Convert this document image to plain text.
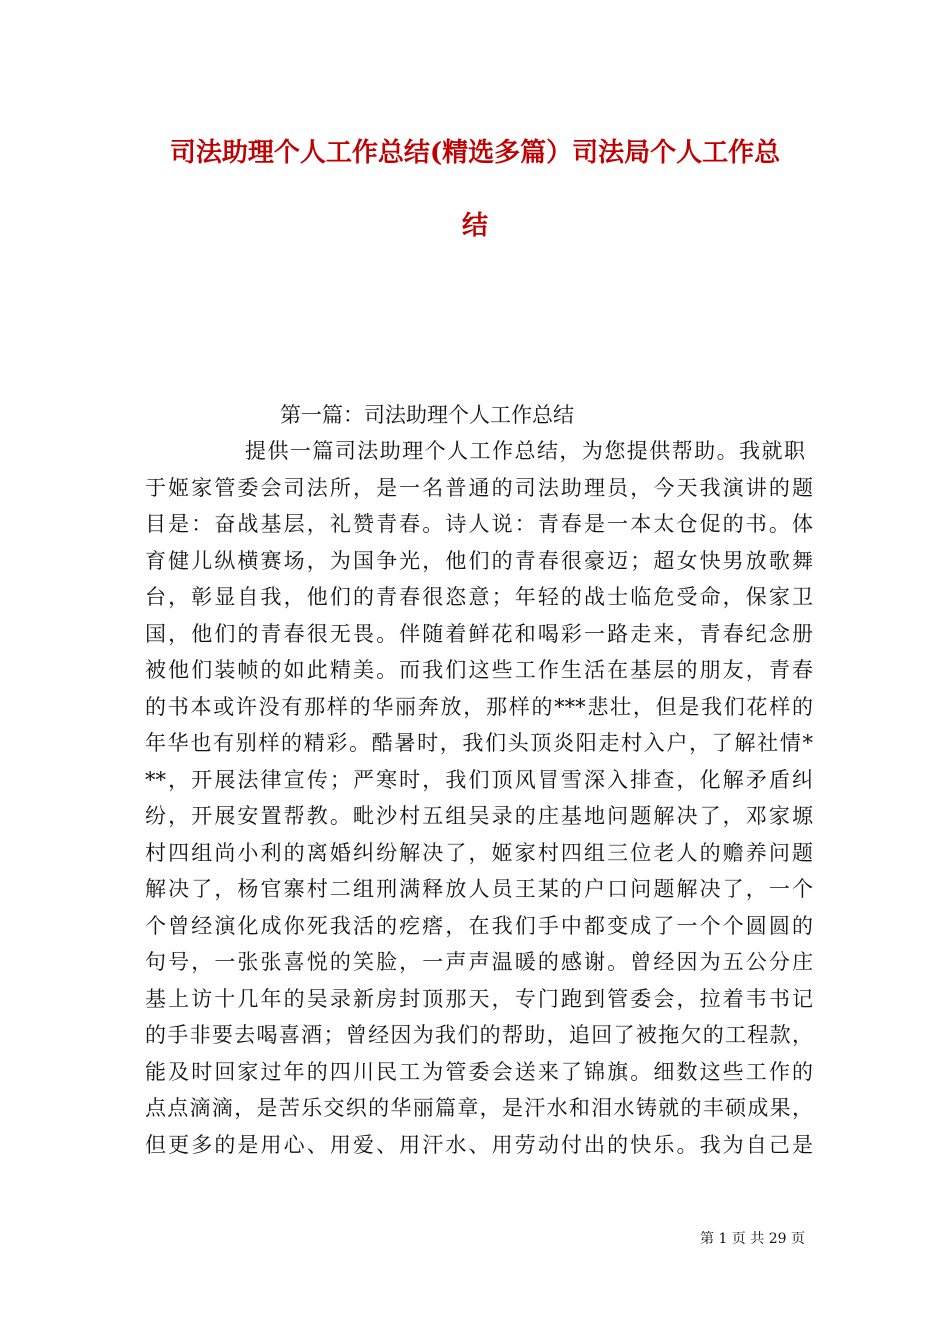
司法助理个人工作总结(精选多篇）司法局个人工作总
结
第一篇：司法助理个人工作总结
提供一篇司法助理个人工作总结，为您提供帮助。我就职
于姬家管委会司法所，是一名普通的司法助理员，今天我演讲的题
目是：奋战基层，礼赞青春。诗人说：青春是一本太仓促的书。体
育健儿纵横赛场，为国争光，他们的青春很豪迈；超女快男放歌舞
台，彰显自我，他们的青春很恣意；年轻的战士临危受命，保家卫
国，他们的青春很无畏。伴随着鲜花和喝彩一路走来，青春纪念册
被他们装帧的如此精美。而我们这些工作生活在基层的朋友，青春
的书本或许没有那样的华丽奔放，那样的***悲壮，但是我们花样的
年华也有别样的精彩。酷暑时，我们头顶炎阳走村入户，了解社情*
**，开展法律宣传；严寒时，我们顶风冒雪深入排查，化解矛盾纠
纷，开展安置帮教。毗沙村五组吴录的庄基地问题解决了，邓家塬
村四组尚小利的离婚纠纷解决了，姬家村四组三位老人的赡养问题
解决了，杨官寨村二组刑满释放人员王某的户口问题解决了，一个
个曾经演化成你死我活的疙瘩，在我们手中都变成了一个个圆圆的
句号，一张张喜悦的笑脸，一声声温暖的感谢。曾经因为五公分庄
基上访十几年的吴录新房封顶那天，专门跑到管委会，拉着韦书记
的手非要去喝喜酒；曾经因为我们的帮助，追回了被拖欠的工程款，
能及时回家过年的四川民工为管委会送来了锦旗。细数这些工作的
点点滴滴，是苦乐交织的华丽篇章，是汗水和泪水铸就的丰硕成果，
但更多的是用心、用爱、用汗水、用劳动付出的快乐。我为自己是
第 1 页 共 29 页
